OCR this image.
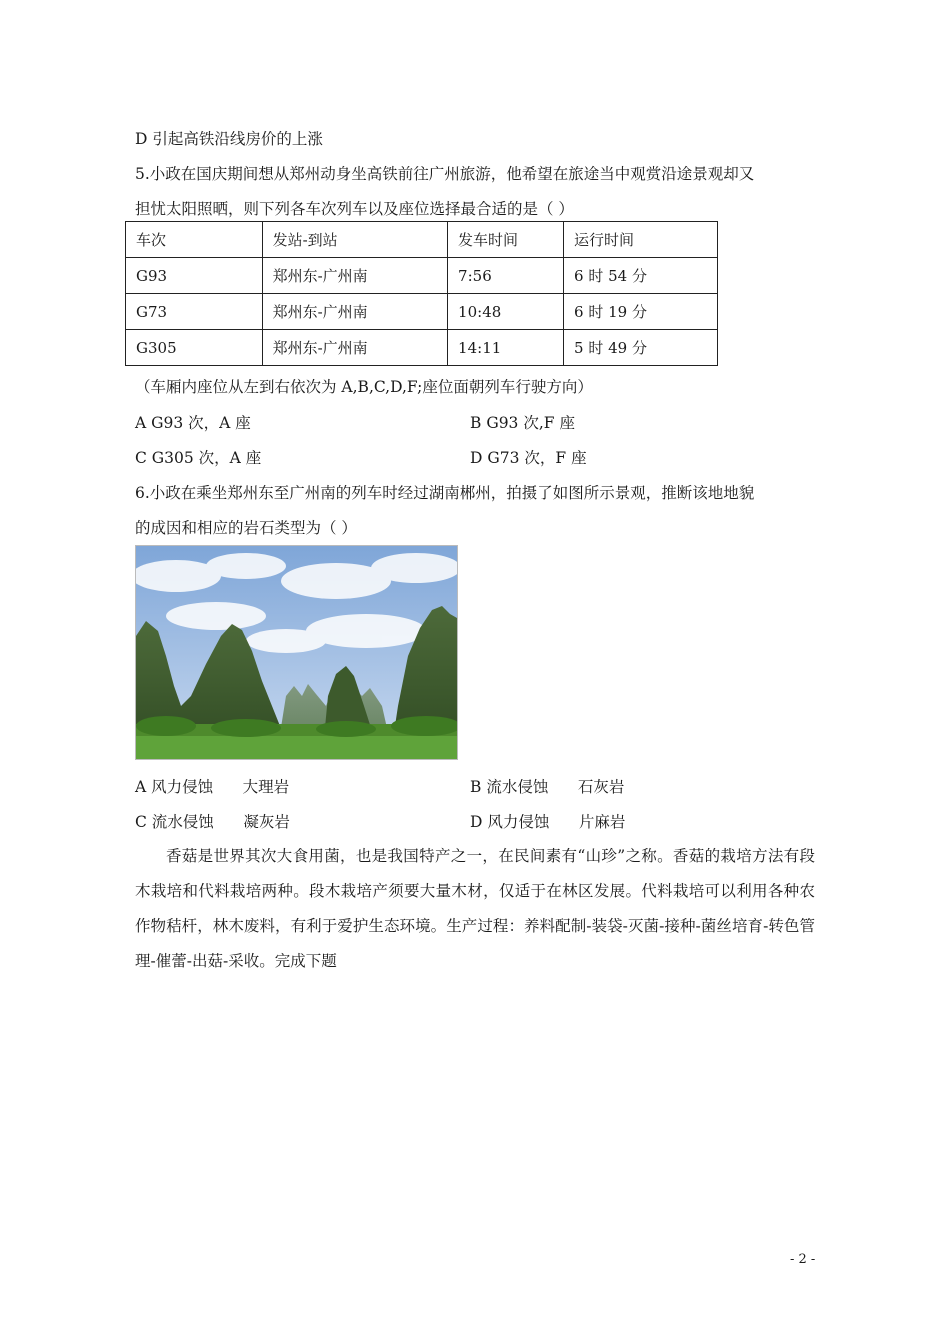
D 引起高铁沿线房价的上涨
5.小政在国庆期间想从郑州动身坐高铁前往广州旅游，他希望在旅途当中观赏沿途景观却又
担忧太阳照晒，则下列各车次列车以及座位选择最合适的是（ ）
车次	发站-到站	发车时间	运行时间
G93	郑州东-广州南	7:56	6 时 54 分
G73	郑州东-广州南	10:48	6 时 19 分
G305	郑州东-广州南	14:11	5 时 49 分
（车厢内座位从左到右依次为 A,B,C,D,F;座位面朝列车行驶方向）
A G93 次，A 座	B G93 次,F 座
C G305 次，A 座	D G73 次，F 座
6.小政在乘坐郑州东至广州南的列车时经过湖南郴州，拍摄了如图所示景观，推断该地地貌
的成因和相应的岩石类型为（ ）
A 风力侵蚀      大理岩	B 流水侵蚀      石灰岩
C 流水侵蚀      凝灰岩	D 风力侵蚀      片麻岩
香菇是世界其次大食用菌，也是我国特产之一，在民间素有“山珍”之称。香菇的栽培方法有段木栽培和代料栽培两种。段木栽培产须要大量木材，仅适于在林区发展。代料栽培可以利用各种农作物秸杆，林木废料，有利于爱护生态环境。生产过程：养料配制-装袋-灭菌-接种-菌丝培育-转色管理-催蕾-出菇-采收。完成下题
- 2 -
